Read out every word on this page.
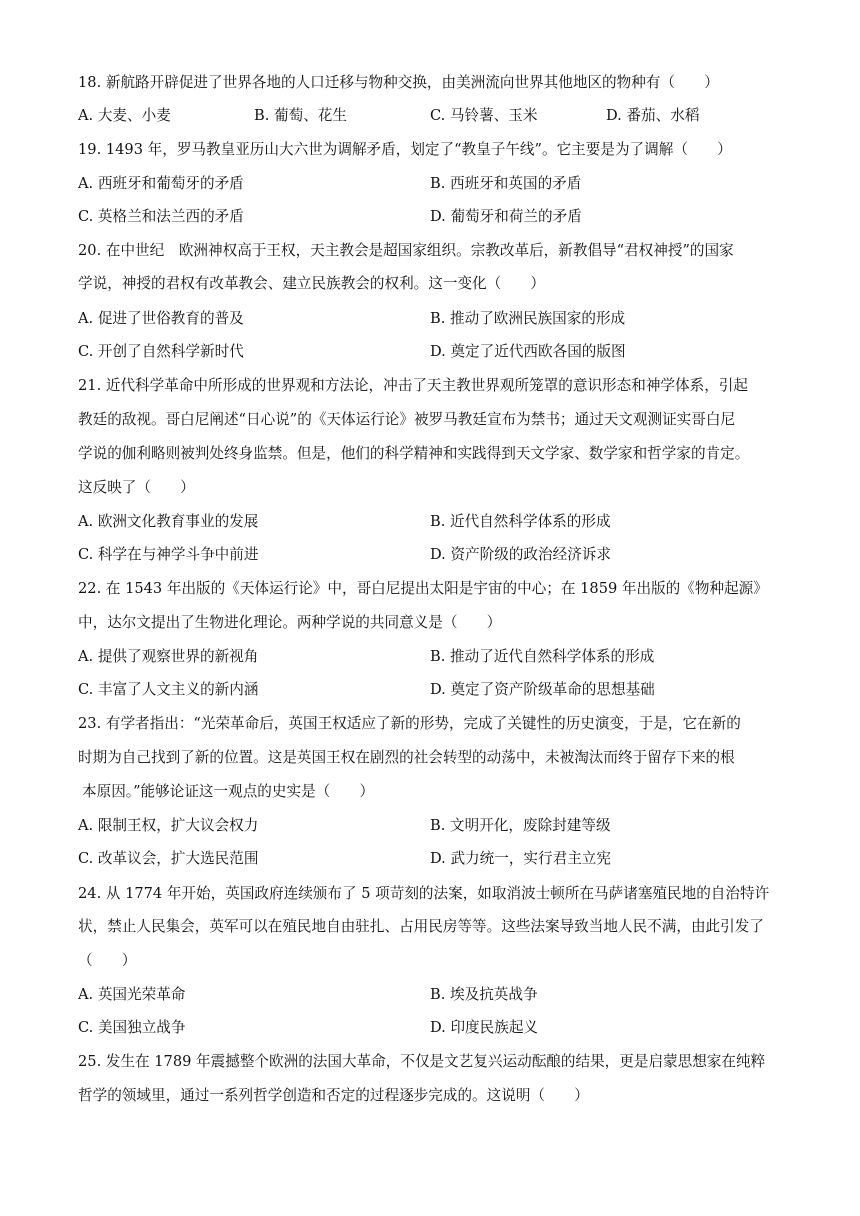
18. 新航路开辟促进了世界各地的人口迁移与物种交换，由美洲流向世界其他地区的物种有（　　）
A. 大麦、小麦	B. 葡萄、花生	C. 马铃薯、玉米	D. 番茄、水稻
19. 1493 年，罗马教皇亚历山大六世为调解矛盾，划定了“教皇子午线”。它主要是为了调解（　　）
A. 西班牙和葡萄牙的矛盾	B. 西班牙和英国的矛盾
C. 英格兰和法兰西的矛盾	D. 葡萄牙和荷兰的矛盾
20. 在中世纪　欧洲神权高于王权，天主教会是超国家组织。宗教改革后，新教倡导“君权神授”的国家
学说，神授的君权有改革教会、建立民族教会的权利。这一变化（　　）
A. 促进了世俗教育的普及	B. 推动了欧洲民族国家的形成
C. 开创了自然科学新时代	D. 奠定了近代西欧各国的版图
21. 近代科学革命中所形成的世界观和方法论，冲击了天主教世界观所笼罩的意识形态和神学体系，引起
教廷的敌视。哥白尼阐述“日心说”的《天体运行论》被罗马教廷宣布为禁书；通过天文观测证实哥白尼
学说的伽利略则被判处终身监禁。但是，他们的科学精神和实践得到天文学家、数学家和哲学家的肯定。
这反映了（　　）
A. 欧洲文化教育事业的发展	B. 近代自然科学体系的形成
C. 科学在与神学斗争中前进	D. 资产阶级的政治经济诉求
22. 在 1543 年出版的《天体运行论》中，哥白尼提出太阳是宇宙的中心；在 1859 年出版的《物种起源》
中，达尔文提出了生物进化理论。两种学说的共同意义是（　　）
A. 提供了观察世界的新视角	B. 推动了近代自然科学体系的形成
C. 丰富了人文主义的新内涵	D. 奠定了资产阶级革命的思想基础
23. 有学者指出：“光荣革命后，英国王权适应了新的形势，完成了关键性的历史演变，于是，它在新的
时期为自己找到了新的位置。这是英国王权在剧烈的社会转型的动荡中，未被淘汰而终于留存下来的根
本原因。”能够论证这一观点的史实是（　　）
A. 限制王权，扩大议会权力	B. 文明开化，废除封建等级
C. 改革议会，扩大选民范围	D. 武力统一，实行君主立宪
24. 从 1774 年开始，英国政府连续颁布了 5 项苛刻的法案，如取消波士顿所在马萨诸塞殖民地的自治特许
状，禁止人民集会，英军可以在殖民地自由驻扎、占用民房等等。这些法案导致当地人民不满，由此引发了
（　　）
A. 英国光荣革命	B. 埃及抗英战争
C. 美国独立战争	D. 印度民族起义
25. 发生在 1789 年震撼整个欧洲的法国大革命，不仅是文艺复兴运动酝酿的结果，更是启蒙思想家在纯粹
哲学的领域里，通过一系列哲学创造和否定的过程逐步完成的。这说明（　　）
